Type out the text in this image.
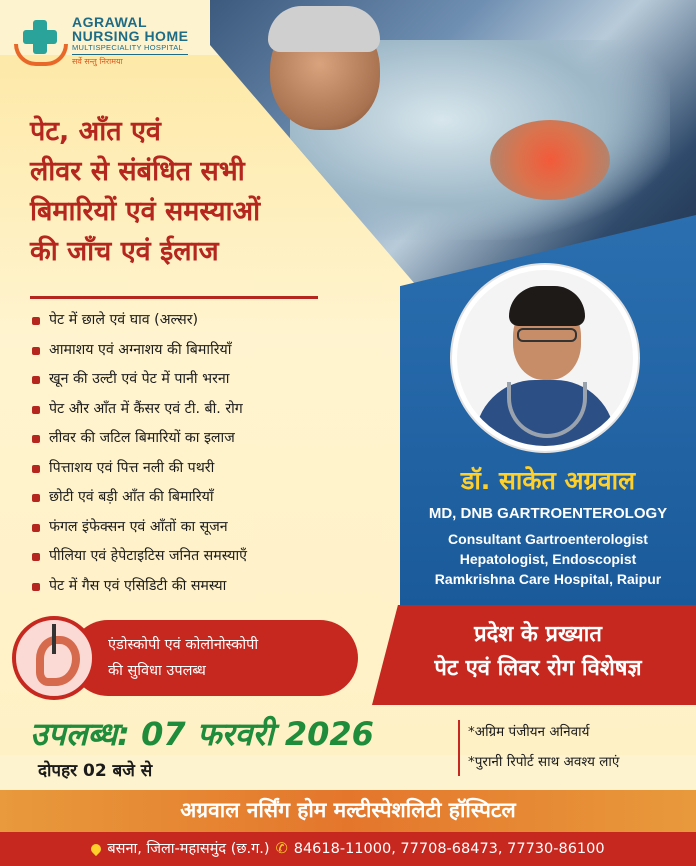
AGRAWAL
NURSING HOME
MULTISPECIALITY HOSPITAL
सर्वे सन्तु निरामया
पेट, आँत एवं
लीवर से संबंधित सभी
बिमारियों एवं समस्याओं
की जाँच एवं ईलाज
पेट में छाले एवं घाव (अल्सर)
आमाशय एवं अग्नाशय की बिमारियाँ
खून की उल्टी एवं पेट में पानी भरना
पेट और आँत में कैंसर एवं टी. बी. रोग
लीवर की जटिल बिमारियों का इलाज
पित्ताशय एवं पित्त नली की पथरी
छोटी एवं बड़ी आँत की बिमारियाँ
फंगल इंफेक्सन एवं आँतों का सूजन
पीलिया एवं हेपेटाइटिस जनित समस्याएँ
पेट में गैस एवं एसिडिटी की समस्या
डॉ. साकेत अग्रवाल
MD, DNB GARTROENTEROLOGY
Consultant Gartroenterologist
Hepatologist, Endoscopist
Ramkrishna Care Hospital, Raipur
प्रदेश के प्रख्यात
पेट एवं लिवर रोग विशेषज्ञ
एंडोस्कोपी एवं कोलोनोस्कोपी
की सुविधा उपलब्ध
उपलब्ध: 07 फरवरी 2026
दोपहर 02 बजे से
*अग्रिम पंजीयन अनिवार्य
*पुरानी रिपोर्ट साथ अवश्य लाएं
अग्रवाल नर्सिंग होम मल्टीस्पेशलिटी हॉस्पिटल
बसना, जिला-महासमुंद (छ.ग.) ✆ 84618-11000, 77708-68473, 77730-86100
